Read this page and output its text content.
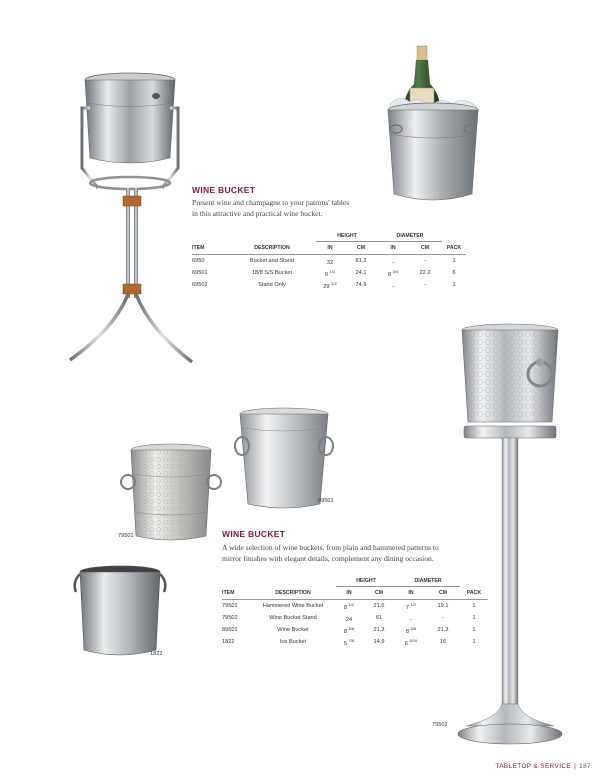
WINE BUCKET
Present wine and champagne to your patrons' tables
in this attractive and practical wine bucket.
		HEIGHT		DIAMETER		
ITEM	DESCRIPTION	IN	CM	IN	CM	PACK
6950	Bucket and Stand	32	81.2	-	-	1
69501	18/8 S/S Bucket	9 $^{1/2}$	24.1	8 $^{3/4}$	22.2	6
69502	Stand Only	29 $^{1/2}$	74.9	-	-	1
89501
79501	WINE BUCKET
A wide selection of wine buckets, from plain and hammered patterns to
mirror finishes with elegant details, complement any dining occasion.
		HEIGHT		DIAMETER		
ITEM	DESCRIPTION	IN	CM	IN	CM	PACK
79501	Hammered Wine Bucket	8 $^{1/2}$	21.6	7 $^{1/2}$	19.1	1
79502	Wine Bucket Stand	24	61	-	-	1
89501	Wine Bucket	8 $^{3/8}$	21.3	8 $^{3/8}$	21.3	1
1822	Ice Bucket	5 $^{7/8}$	14.9	6 $^{5/16}$	16	1
1822
79502
TABLETOP & SERVICE | 187
